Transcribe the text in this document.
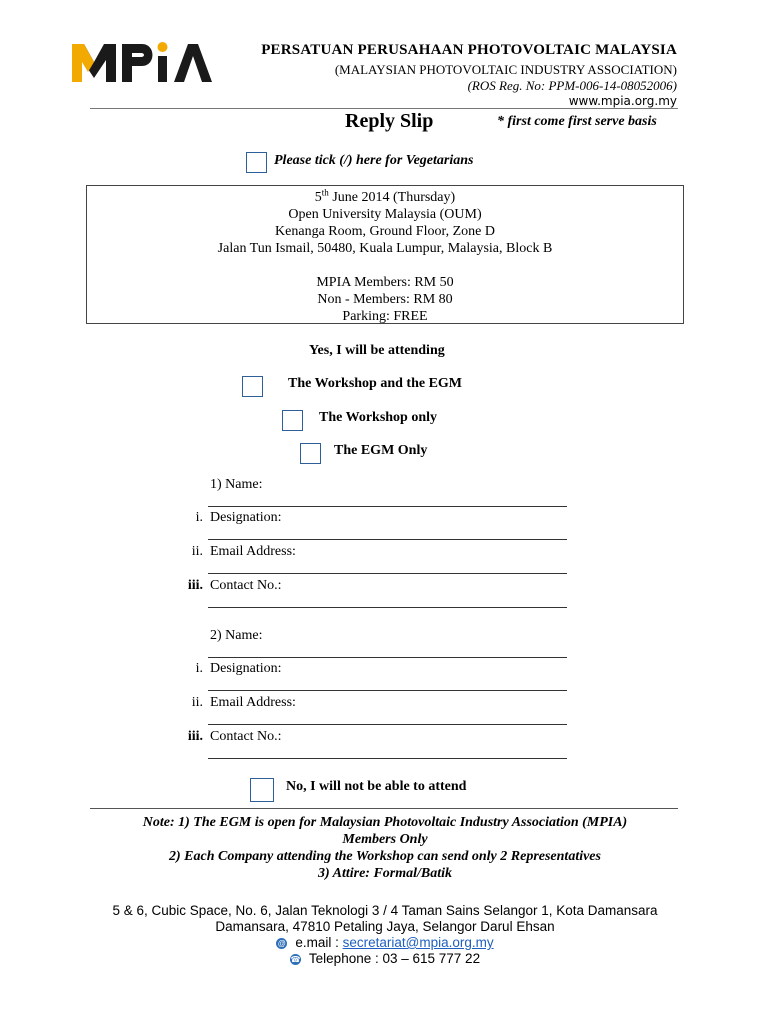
PERSATUAN PERUSAHAAN PHOTOVOLTAIC MALAYSIA
(MALAYSIAN PHOTOVOLTAIC INDUSTRY ASSOCIATION)
(ROS Reg. No: PPM-006-14-08052006)
www.mpia.org.my
Reply Slip	* first come first serve basis
Please tick (/) here for Vegetarians
5th June 2014 (Thursday)
Open University Malaysia (OUM)
Kenanga Room, Ground Floor, Zone D
Jalan Tun Ismail, 50480, Kuala Lumpur, Malaysia, Block B
MPIA Members: RM 50
Non - Members: RM 80
Parking: FREE
Yes, I will be attending
The Workshop and the EGM
The Workshop only
The EGM Only
1) Name:
i. Designation:
ii. Email Address:
iii. Contact No.:
2) Name:
i. Designation:
ii. Email Address:
iii. Contact No.:
No, I will not be able to attend
Note: 1) The EGM is open for Malaysian Photovoltaic Industry Association (MPIA)
Members Only
2) Each Company attending the Workshop can send only 2 Representatives
3) Attire: Formal/Batik
5 & 6, Cubic Space, No. 6, Jalan Teknologi 3 / 4 Taman Sains Selangor 1, Kota Damansara
Damansara, 47810 Petaling Jaya, Selangor Darul Ehsan
@ e.mail : secretariat@mpia.org.my
☎ Telephone : 03 – 615 777 22
